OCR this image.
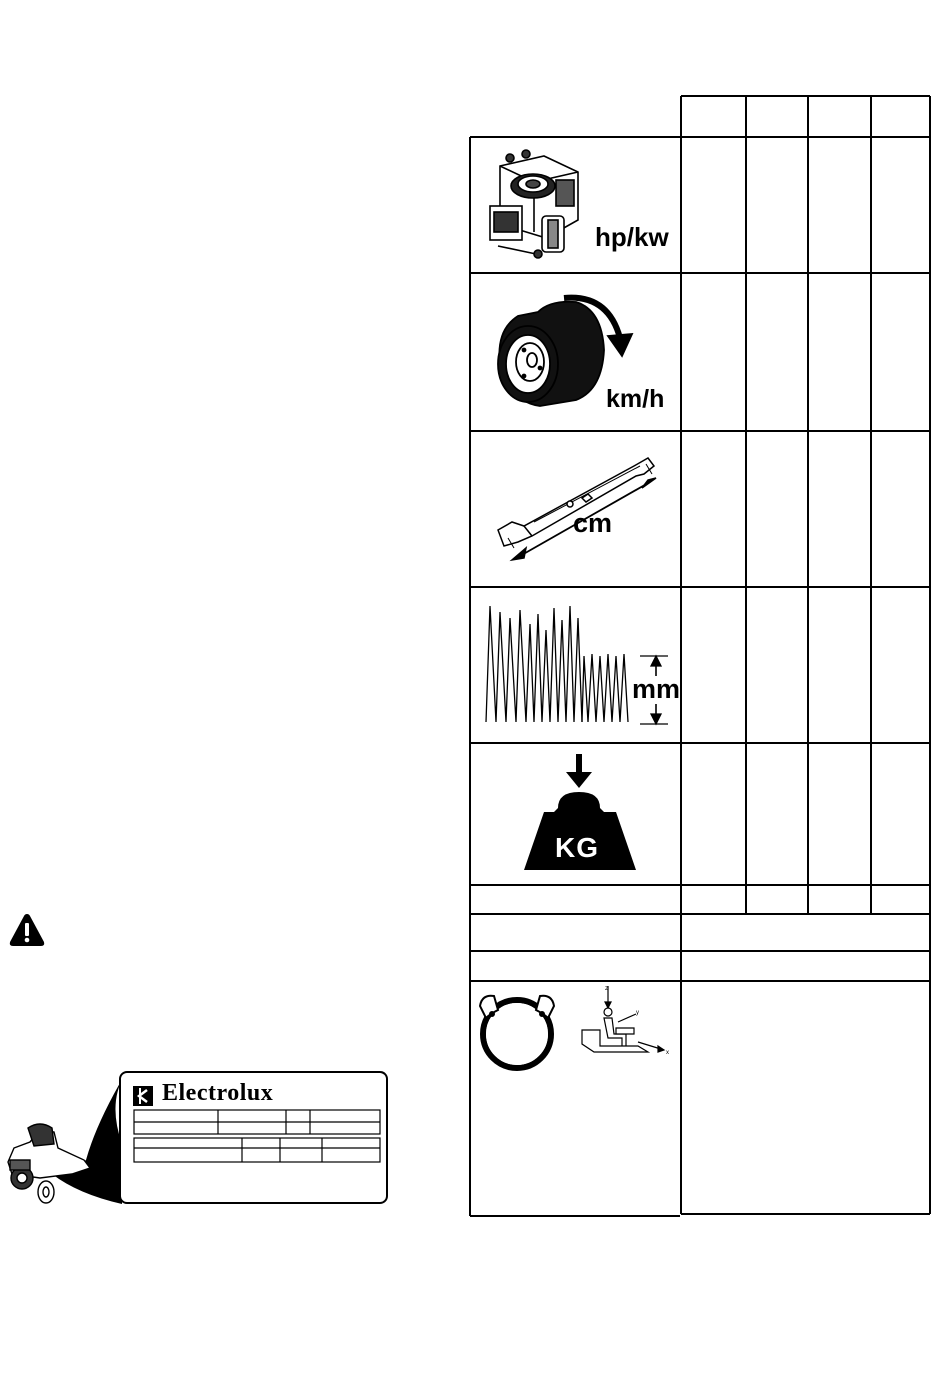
hp/kw
km/h
cm
mm
KG
z
y
x
Electrolux
